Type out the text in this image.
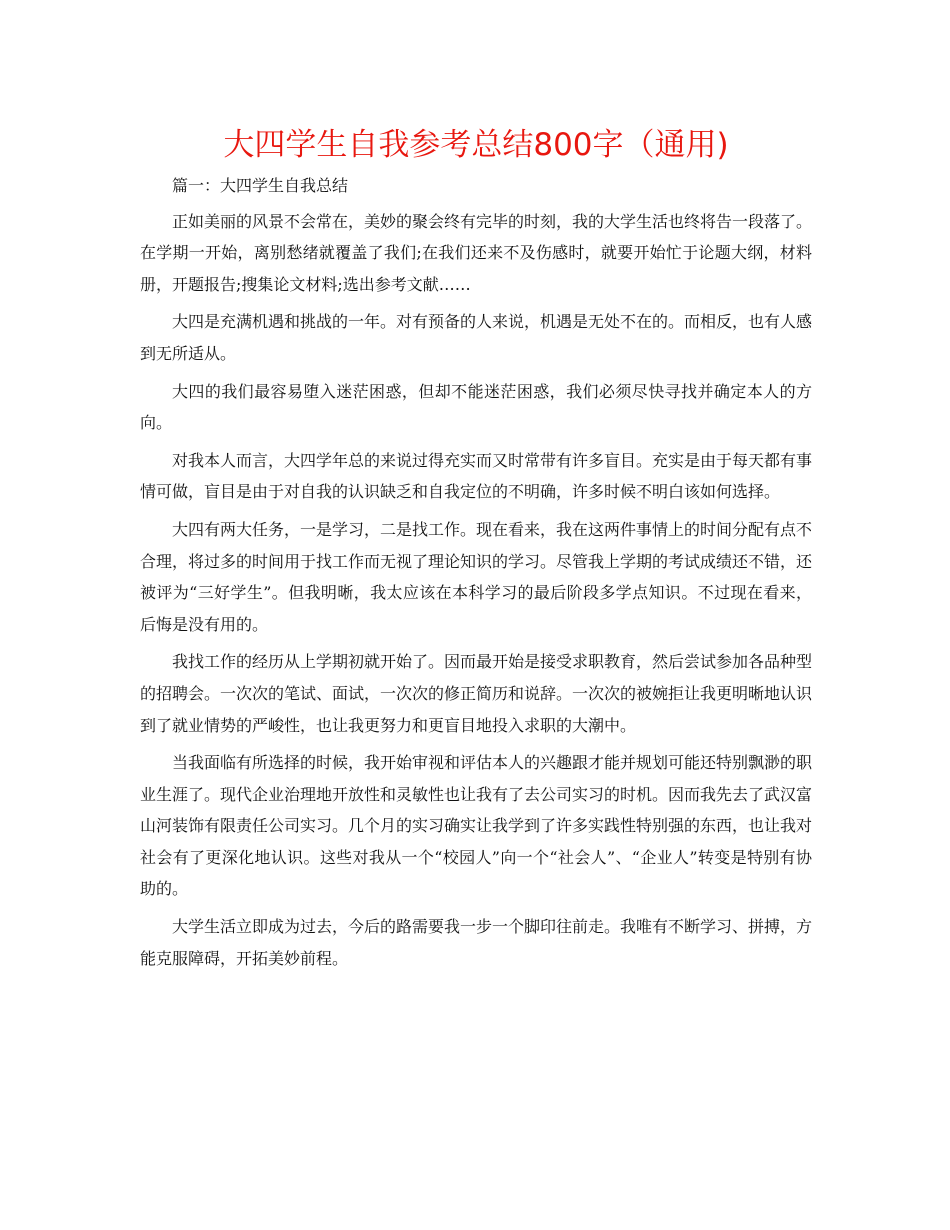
大四学生自我参考总结800字（通用)

篇一：大四学生自我总结

正如美丽的风景不会常在，美妙的聚会终有完毕的时刻，我的大学生活也终将告一段落了。在学期一开始，离别愁绪就覆盖了我们;在我们还来不及伤感时，就要开始忙于论题大纲，材料册，开题报告;搜集论文材料;选出参考文献……

大四是充满机遇和挑战的一年。对有预备的人来说，机遇是无处不在的。而相反，也有人感到无所适从。

大四的我们最容易堕入迷茫困惑，但却不能迷茫困惑，我们必须尽快寻找并确定本人的方向。

对我本人而言，大四学年总的来说过得充实而又时常带有许多盲目。充实是由于每天都有事情可做，盲目是由于对自我的认识缺乏和自我定位的不明确，许多时候不明白该如何选择。

大四有两大任务，一是学习，二是找工作。现在看来，我在这两件事情上的时间分配有点不合理，将过多的时间用于找工作而无视了理论知识的学习。尽管我上学期的考试成绩还不错，还被评为“三好学生”。但我明晰，我太应该在本科学习的最后阶段多学点知识。不过现在看来，后悔是没有用的。

我找工作的经历从上学期初就开始了。因而最开始是接受求职教育，然后尝试参加各品种型的招聘会。一次次的笔试、面试，一次次的修正简历和说辞。一次次的被婉拒让我更明晰地认识到了就业情势的严峻性，也让我更努力和更盲目地投入求职的大潮中。

当我面临有所选择的时候，我开始审视和评估本人的兴趣跟才能并规划可能还特别飘渺的职业生涯了。现代企业治理地开放性和灵敏性也让我有了去公司实习的时机。因而我先去了武汉富山河装饰有限责任公司实习。几个月的实习确实让我学到了许多实践性特别强的东西，也让我对社会有了更深化地认识。这些对我从一个“校园人”向一个“社会人”、“企业人”转变是特别有协助的。

大学生活立即成为过去，今后的路需要我一步一个脚印往前走。我唯有不断学习、拼搏，方能克服障碍，开拓美妙前程。
